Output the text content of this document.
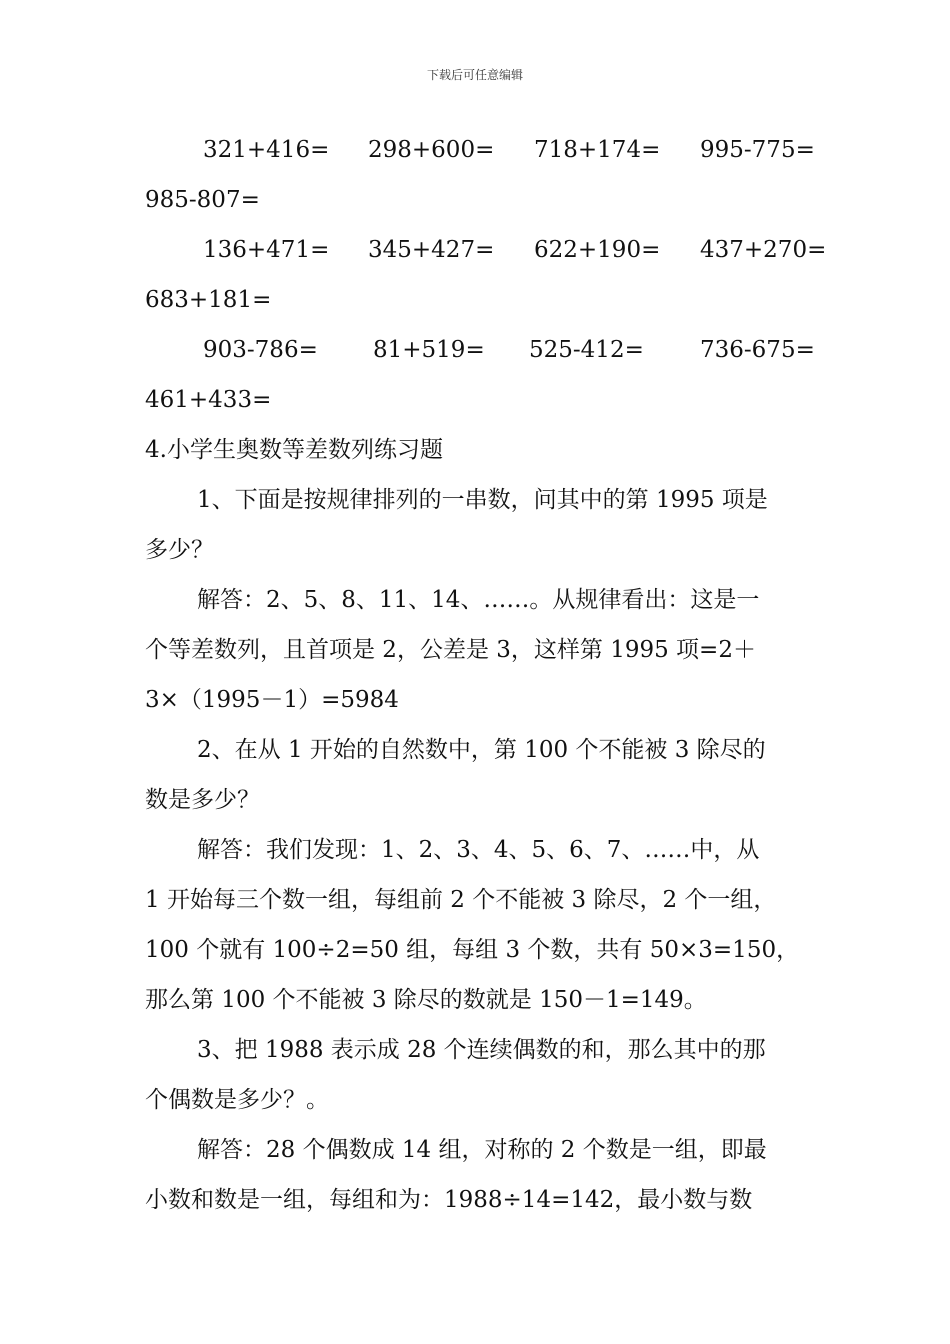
下载后可任意编辑
321+416= 298+600= 718+174= 995-775=
985-807=
136+471= 345+427= 622+190= 437+270=
683+181=
903-786= 81+519= 525-412= 736-675=
461+433=
4.小学生奥数等差数列练习题
1、下面是按规律排列的一串数，问其中的第 1995 项是
多少？
解答：2、5、8、11、14、……。从规律看出：这是一
个等差数列，且首项是 2，公差是 3，这样第 1995 项=2＋
3×（1995－1）=5984
2、在从 1 开始的自然数中，第 100 个不能被 3 除尽的
数是多少？
解答：我们发现：1、2、3、4、5、6、7、……中，从
1 开始每三个数一组，每组前 2 个不能被 3 除尽，2 个一组，
100 个就有 100÷2=50 组，每组 3 个数，共有 50×3=150，
那么第 100 个不能被 3 除尽的数就是 150－1=149。
3、把 1988 表示成 28 个连续偶数的和，那么其中的那
个偶数是多少？。
解答：28 个偶数成 14 组，对称的 2 个数是一组，即最
小数和数是一组，每组和为：1988÷14=142，最小数与数
